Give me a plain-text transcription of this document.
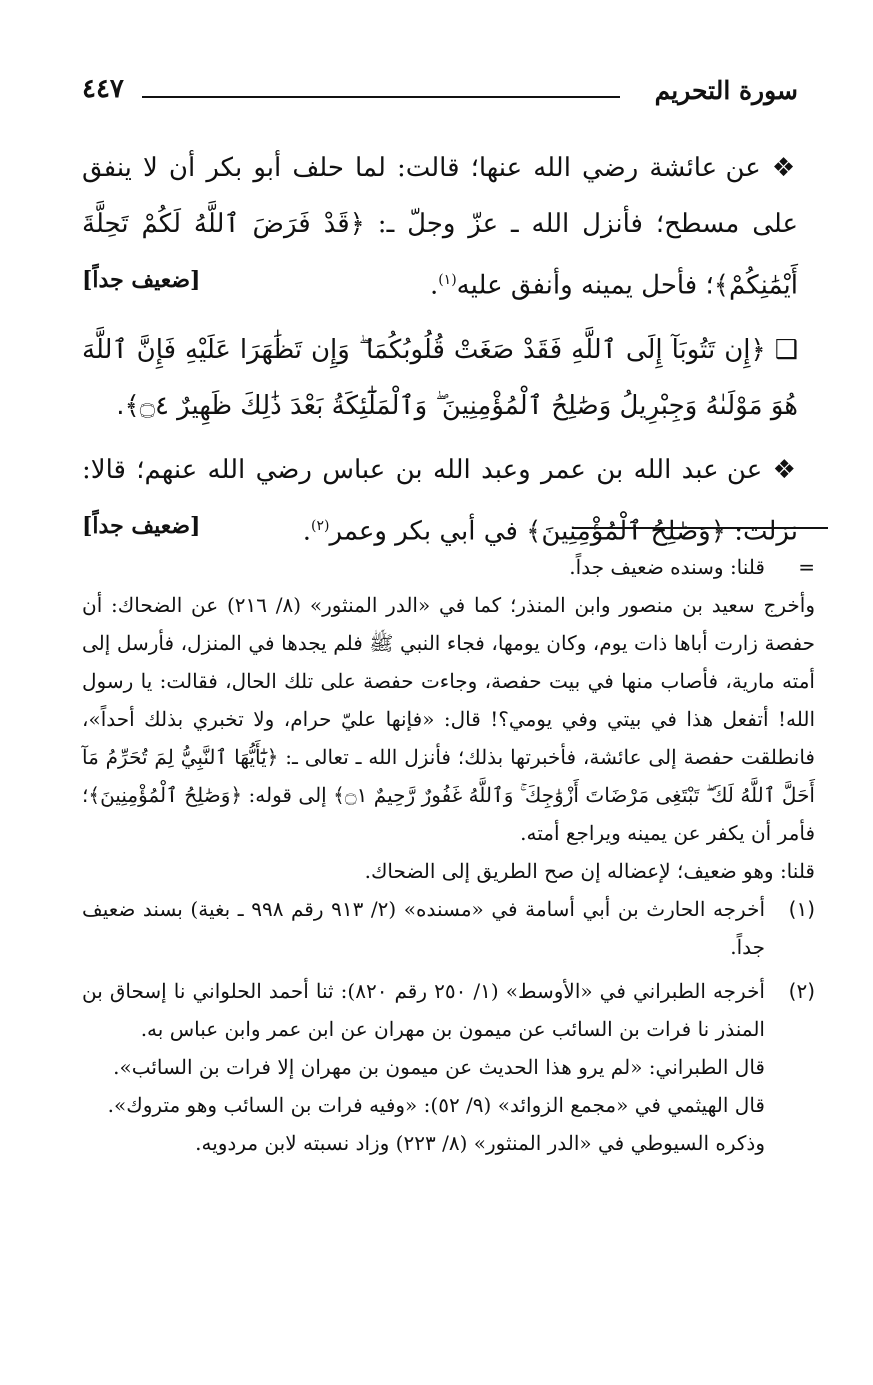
سورة التحريم
٤٤٧

❖ عن عائشة رضي الله عنها؛ قالت: لما حلف أبو بكر أن لا ينفق على مسطح؛ فأنزل الله ـ عزّ وجلّ ـ: ﴿قَدْ فَرَضَ ٱللَّهُ لَكُمْ تَحِلَّةَ أَيْمَٰنِكُمْ﴾؛ فأحل يمينه وأنفق عليه$^{(١)}$.
[ضعيف جداً]

❑ ﴿إِن تَتُوبَآ إِلَى ٱللَّهِ فَقَدْ صَغَتْ قُلُوبُكُمَا ۖ وَإِن تَظَٰهَرَا عَلَيْهِ فَإِنَّ ٱللَّهَ هُوَ مَوْلَىٰهُ وَجِبْرِيلُ وَصَٰلِحُ ٱلْمُؤْمِنِينَ ۖ وَٱلْمَلَٰٓئِكَةُ بَعْدَ ذَٰلِكَ ظَهِيرٌ ۝٤﴾.

❖ عن عبد الله بن عمر وعبد الله بن عباس رضي الله عنهم؛ قالا: نزلت: ﴿وَصَٰلِحُ ٱلْمُؤْمِنِينَ﴾ في أبي بكر وعمر$^{(٢)}$.
[ضعيف جداً]

=

قلنا: وسنده ضعيف جداً.

وأخرج سعيد بن منصور وابن المنذر؛ كما في «الدر المنثور» (٨/ ٢١٦) عن الضحاك: أن حفصة زارت أباها ذات يوم، وكان يومها، فجاء النبي ﷺ فلم يجدها في المنزل، فأرسل إلى أمته مارية، فأصاب منها في بيت حفصة، وجاءت حفصة على تلك الحال، فقالت: يا رسول الله! أتفعل هذا في بيتي وفي يومي؟! قال: «فإنها عليّ حرام، ولا تخبري بذلك أحداً»، فانطلقت حفصة إلى عائشة، فأخبرتها بذلك؛ فأنزل الله ـ تعالى ـ: ﴿يَٰٓأَيُّهَا ٱلنَّبِيُّ لِمَ تُحَرِّمُ مَآ أَحَلَّ ٱللَّهُ لَكَ ۖ تَبْتَغِى مَرْضَاتَ أَزْوَٰجِكَ ۚ وَٱللَّهُ غَفُورٌ رَّحِيمٌ ۝١﴾ إلى قوله: ﴿وَصَٰلِحُ ٱلْمُؤْمِنِينَ﴾؛ فأمر أن يكفر عن يمينه ويراجع أمته.

قلنا: وهو ضعيف؛ لإعضاله إن صح الطريق إلى الضحاك.

(١)

أخرجه الحارث بن أبي أسامة في «مسنده» (٢/ ٩١٣ رقم ٩٩٨ ـ بغية) بسند ضعيف جداً.

(٢)

أخرجه الطبراني في «الأوسط» (١/ ٢٥٠ رقم ٨٢٠): ثنا أحمد الحلواني نا إسحاق بن المنذر نا فرات بن السائب عن ميمون بن مهران عن ابن عمر وابن عباس به.

قال الطبراني: «لم يرو هذا الحديث عن ميمون بن مهران إلا فرات بن السائب».

قال الهيثمي في «مجمع الزوائد» (٩/ ٥٢): «وفيه فرات بن السائب وهو متروك».

وذكره السيوطي في «الدر المنثور» (٨/ ٢٢٣) وزاد نسبته لابن مردويه.
